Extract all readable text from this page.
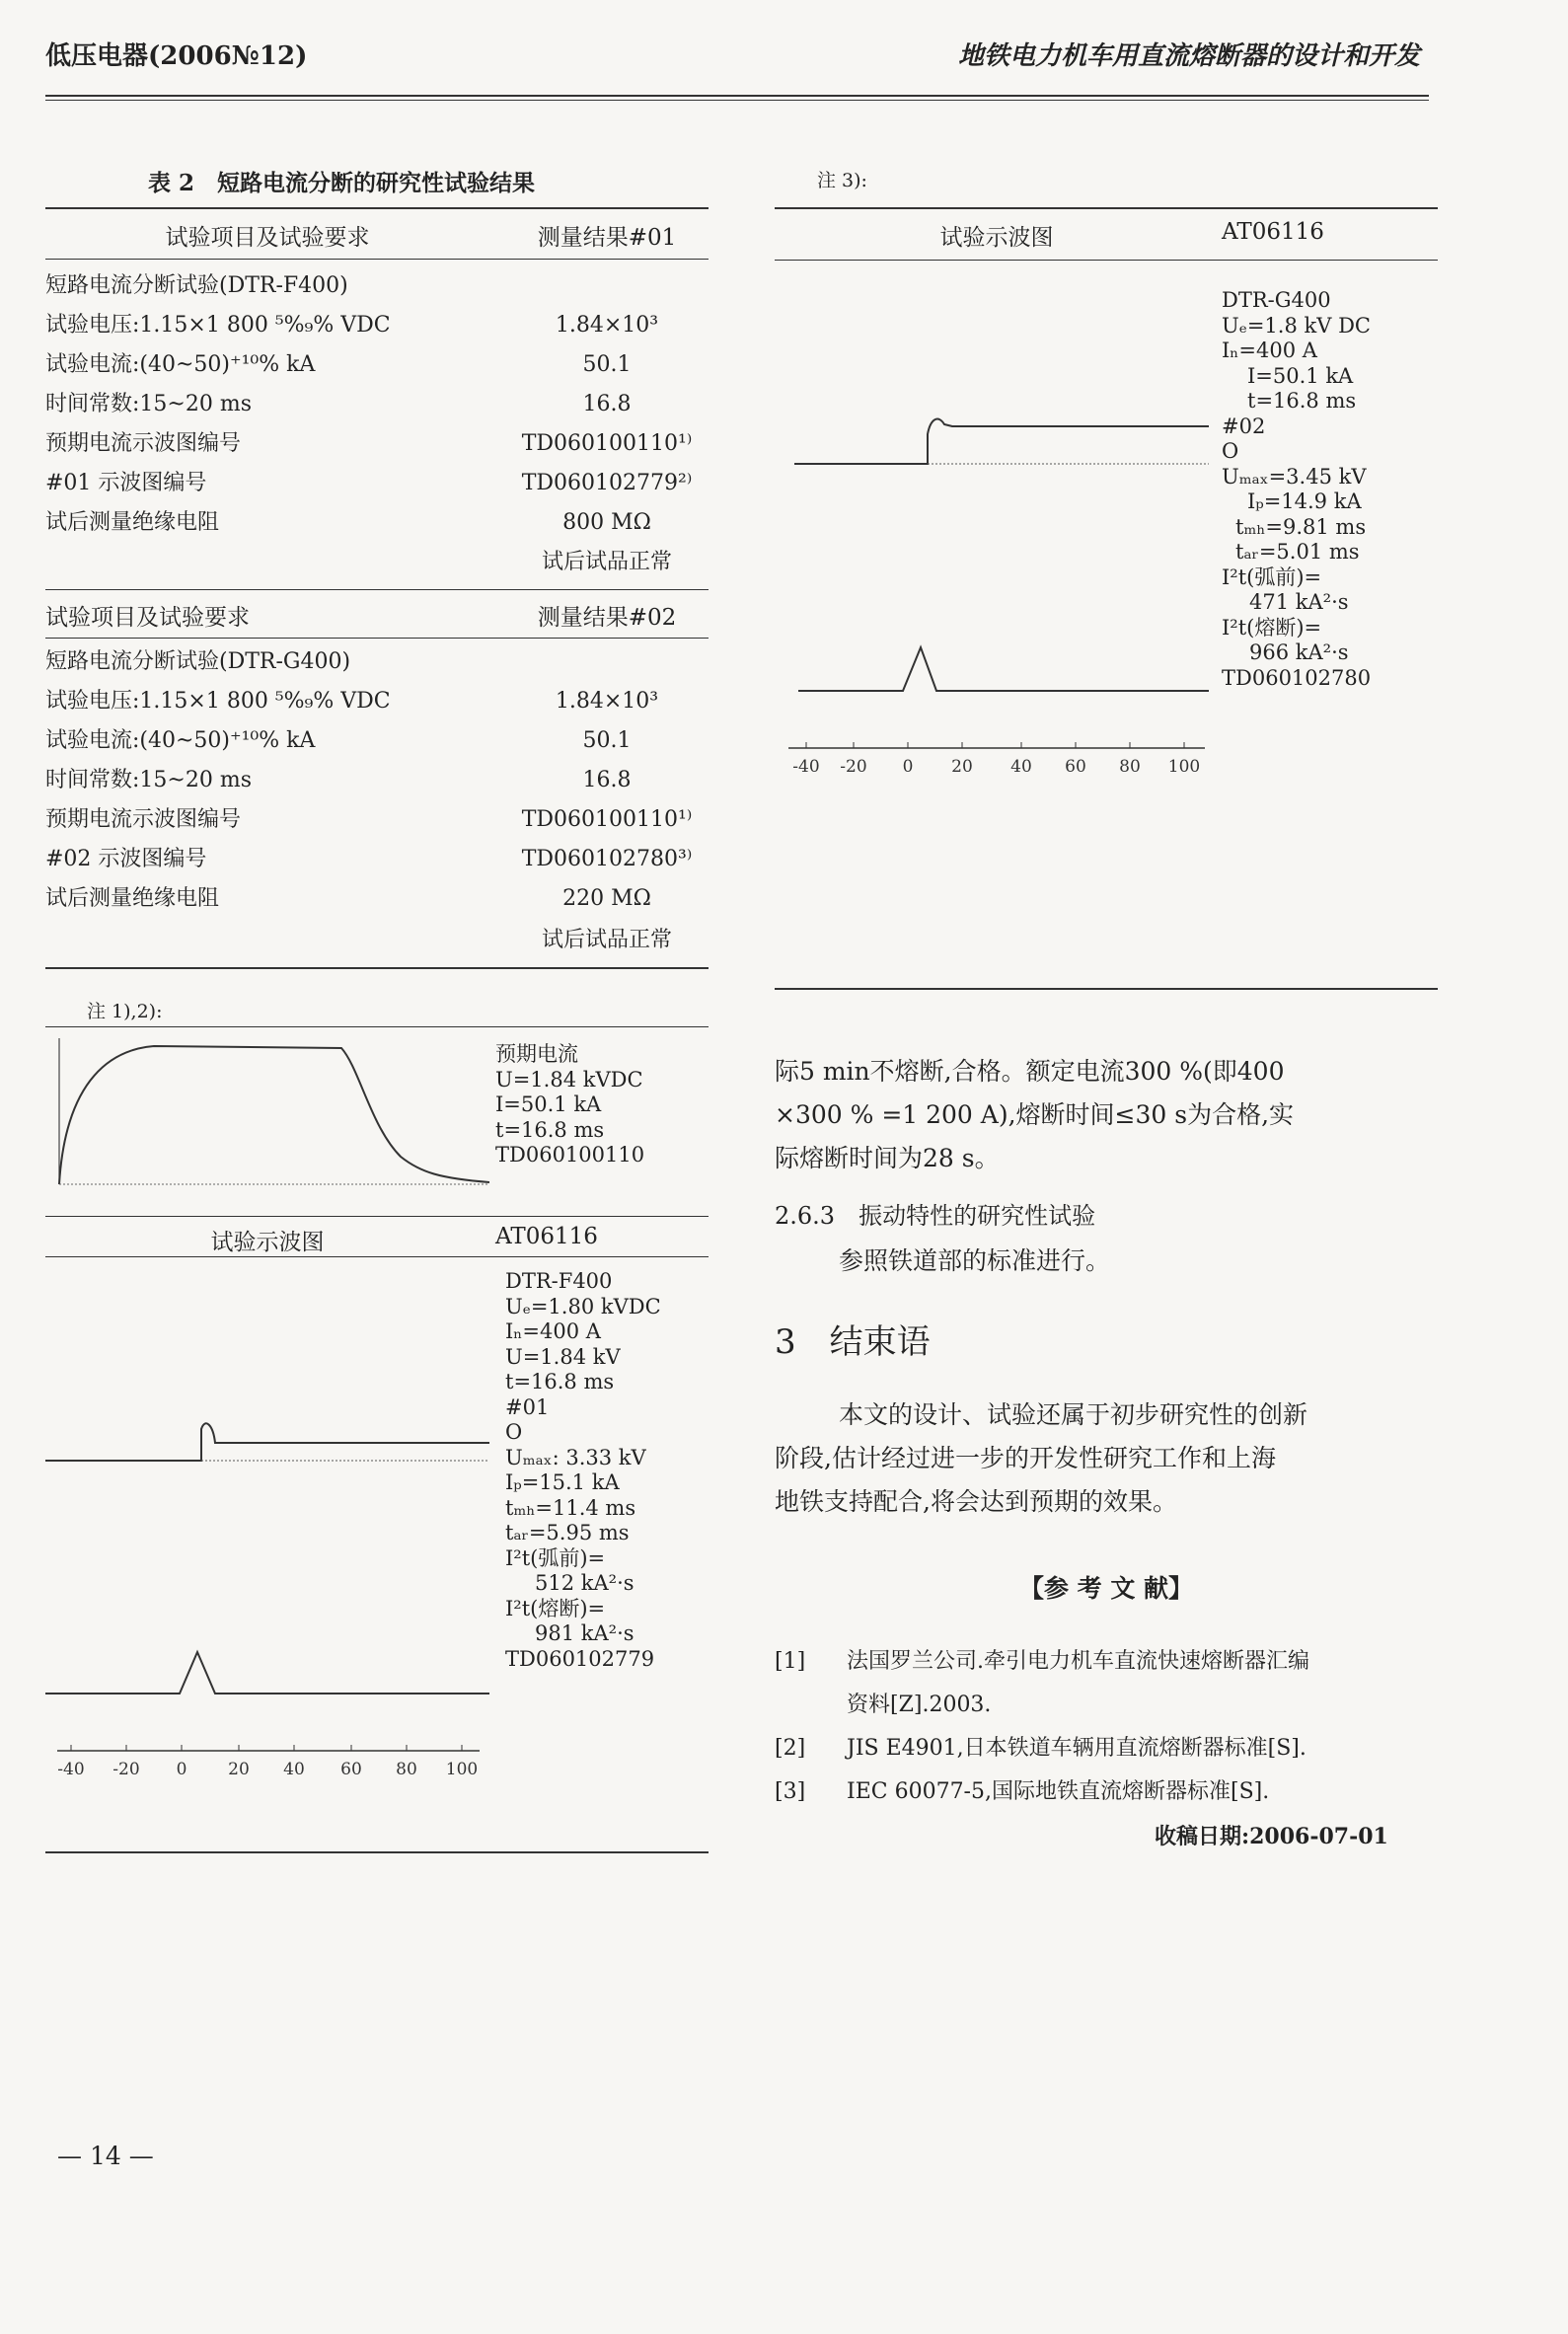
低压电器(2006№12)	地铁电力机车用直流熔断器的设计和开发
表 2　短路电流分断的研究性试验结果
试验项目及试验要求	测量结果#01
短路电流分断试验(DTR-F400)
试验电压:1.15×1 800 ⁵%₉% VDC	1.84×10³
试验电流:(40~50)⁺¹⁰% kA	50.1
时间常数:15~20 ms	16.8
预期电流示波图编号	TD060100110¹⁾
#01 示波图编号	TD060102779²⁾
试后测量绝缘电阻	800 MΩ
试后试品正常
试验项目及试验要求	测量结果#02
短路电流分断试验(DTR-G400)
试验电压:1.15×1 800 ⁵%₉% VDC	1.84×10³
试验电流:(40~50)⁺¹⁰% kA	50.1
时间常数:15~20 ms	16.8
预期电流示波图编号	TD060100110¹⁾
#02 示波图编号	TD060102780³⁾
试后测量绝缘电阻	220 MΩ
试后试品正常
注 1),2):
预期电流
U=1.84 kVDC
I=50.1 kA
t=16.8 ms
TD060100110
试验示波图	AT06116
-40 -20 0 20 40 60 80 100
DTR-F400
Uₑ=1.80 kVDC
Iₙ=400 A
U=1.84 kV
t=16.8 ms
#01
O
Uₘₐₓ: 3.33 kV
Iₚ=15.1 kA
tₘₕ=11.4 ms
tₐᵣ=5.95 ms
I²t(弧前)=
512 kA²·s
I²t(熔断)=
981 kA²·s
TD060102779
注 3):
试验示波图	AT06116
-40 -20 0 20 40 60 80 100
DTR-G400
Uₑ=1.8 kV DC
Iₙ=400 A
I=50.1 kA
t=16.8 ms
#02
O
Uₘₐₓ=3.45 kV
Iₚ=14.9 kA
tₘₕ=9.81 ms
tₐᵣ=5.01 ms
I²t(弧前)=
471 kA²·s
I²t(熔断)=
966 kA²·s
TD060102780
际5 min不熔断,合格。额定电流300 %(即400
×300 % =1 200 A),熔断时间≤30 s为合格,实
际熔断时间为28 s。
2.6.3　振动特性的研究性试验
参照铁道部的标准进行。
3　结束语
本文的设计、试验还属于初步研究性的创新
阶段,估计经过进一步的开发性研究工作和上海
地铁支持配合,将会达到预期的效果。
【参 考 文 献】
[1] 法国罗兰公司.牵引电力机车直流快速熔断器汇编
资料[Z].2003.
[2] JIS E4901,日本铁道车辆用直流熔断器标准[S].
[3] IEC 60077-5,国际地铁直流熔断器标准[S].
收稿日期:2006-07-01
— 14 —
